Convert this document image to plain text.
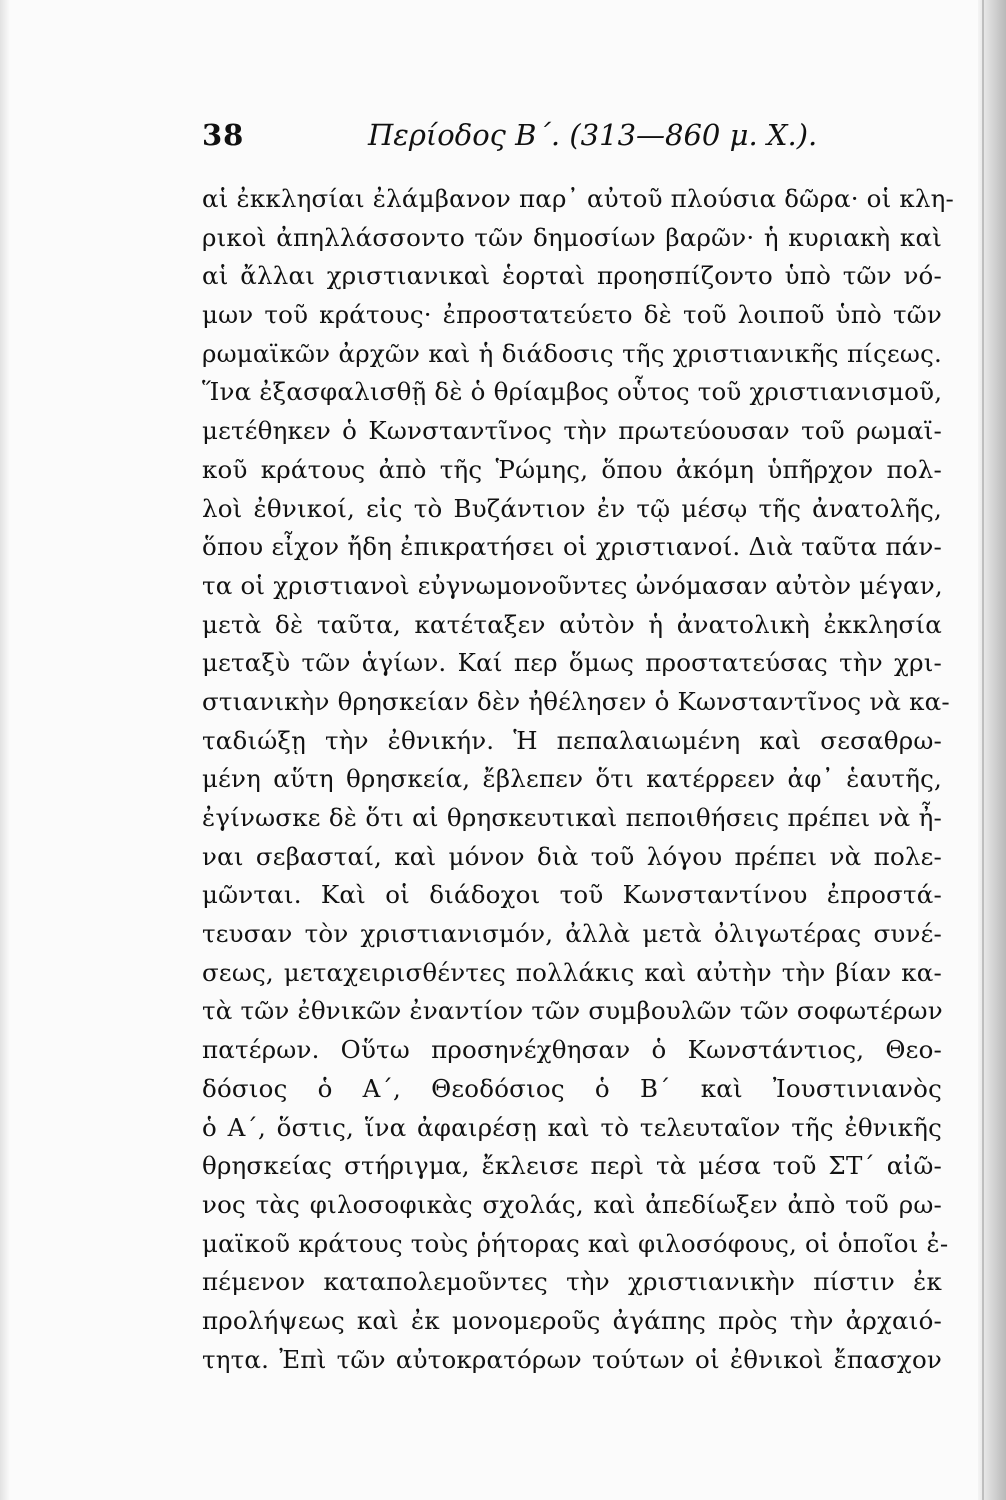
38	Περίοδος Β΄. (313—860 μ. Χ.).
αἱ ἐκκλησίαι ἐλάμβανον παρ᾽ αὐτοῦ πλούσια δῶρα· οἱ κλη-
ρικοὶ ἀπηλλάσσοντο τῶν δημοσίων βαρῶν· ἡ κυριακὴ καὶ
αἱ ἄλλαι χριστιανικαὶ ἑορταὶ προησπίζοντο ὑπὸ τῶν νό-
μων τοῦ κράτους· ἐπροστατεύετο δὲ τοῦ λοιποῦ ὑπὸ τῶν
ρωμαϊκῶν ἀρχῶν καὶ ἡ διάδοσις τῆς χριστιανικῆς πίςεως.
Ἵνα ἐξασφαλισθῇ δὲ ὁ θρίαμβος οὗτος τοῦ χριστιανισμοῦ,
μετέθηκεν ὁ Κωνσταντῖνος τὴν πρωτεύουσαν τοῦ ρωμαϊ-
κοῦ κράτους ἀπὸ τῆς Ῥώμης, ὅπου ἀκόμη ὑπῆρχον πολ-
λοὶ ἐθνικοί, εἰς τὸ Βυζάντιον ἐν τῷ μέσῳ τῆς ἀνατολῆς,
ὅπου εἶχον ἤδη ἐπικρατήσει οἱ χριστιανοί. Διὰ ταῦτα πάν-
τα οἱ χριστιανοὶ εὐγνωμονοῦντες ὠνόμασαν αὐτὸν μέγαν,
μετὰ δὲ ταῦτα, κατέταξεν αὐτὸν ἡ ἀνατολικὴ ἐκκλησία
μεταξὺ τῶν ἁγίων. Καί περ ὅμως προστατεύσας τὴν χρι-
στιανικὴν θρησκείαν δὲν ἠθέλησεν ὁ Κωνσταντῖνος νὰ κα-
ταδιώξῃ τὴν ἐθνικήν. Ἡ πεπαλαιωμένη καὶ σεσαθρω-
μένη αὕτη θρησκεία, ἔβλεπεν ὅτι κατέρρεεν ἀφ᾽ ἑαυτῆς,
ἐγίνωσκε δὲ ὅτι αἱ θρησκευτικαὶ πεποιθήσεις πρέπει νὰ ἦ-
ναι σεβασταί, καὶ μόνον διὰ τοῦ λόγου πρέπει νὰ πολε-
μῶνται. Καὶ οἱ διάδοχοι τοῦ Κωνσταντίνου ἐπροστά-
τευσαν τὸν χριστιανισμόν, ἀλλὰ μετὰ ὀλιγωτέρας συνέ-
σεως, μεταχειρισθέντες πολλάκις καὶ αὐτὴν τὴν βίαν κα-
τὰ τῶν ἐθνικῶν ἐναντίον τῶν συμβουλῶν τῶν σοφωτέρων
πατέρων. Οὕτω προσηνέχθησαν ὁ Κωνστάντιος, Θεο-
δόσιος ὁ Α΄, Θεοδόσιος ὁ Β΄ καὶ Ἰουστινιανὸς
ὁ Α΄, ὅστις, ἵνα ἀφαιρέσῃ καὶ τὸ τελευταῖον τῆς ἐθνικῆς
θρησκείας στήριγμα, ἔκλεισε περὶ τὰ μέσα τοῦ ΣΤ΄ αἰῶ-
νος τὰς φιλοσοφικὰς σχολάς, καὶ ἀπεδίωξεν ἀπὸ τοῦ ρω-
μαϊκοῦ κράτους τοὺς ῥήτορας καὶ φιλοσόφους, οἱ ὁποῖοι ἐ-
πέμενον καταπολεμοῦντες τὴν χριστιανικὴν πίστιν ἐκ
προλήψεως καὶ ἐκ μονομεροῦς ἀγάπης πρὸς τὴν ἀρχαιό-
τητα. Ἐπὶ τῶν αὐτοκρατόρων τούτων οἱ ἐθνικοὶ ἔπασχον
